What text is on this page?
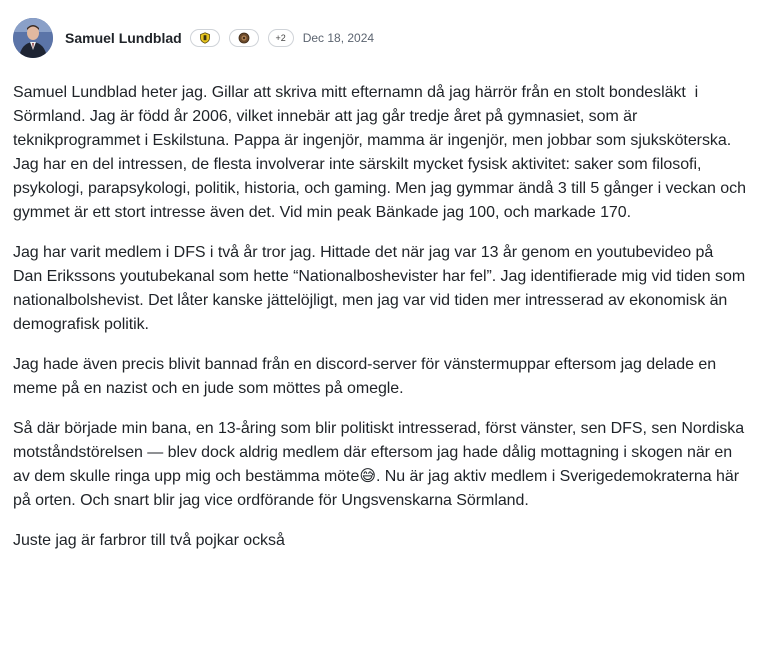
Samuel Lundblad	+2	Dec 18, 2024

Samuel Lundblad heter jag. Gillar att skriva mitt efternamn då jag härrör från en stolt bondesläkt  i Sörmland. Jag är född år 2006, vilket innebär att jag går tredje året på gymnasiet, som är teknikprogrammet i Eskilstuna. Pappa är ingenjör, mamma är ingenjör, men jobbar som sjuksköterska. Jag har en del intressen, de flesta involverar inte särskilt mycket fysisk aktivitet: saker som filosofi, psykologi, parapsykologi, politik, historia, och gaming. Men jag gymmar ändå 3 till 5 gånger i veckan och gymmet är ett stort intresse även det. Vid min peak Bänkade jag 100, och markade 170.

Jag har varit medlem i DFS i två år tror jag. Hittade det när jag var 13 år genom en youtubevideo på Dan Erikssons youtubekanal som hette “Nationalboshevister har fel”. Jag identifierade mig vid tiden som nationalbolshevist. Det låter kanske jättelöjligt, men jag var vid tiden mer intresserad av ekonomisk än demografisk politik.

Jag hade även precis blivit bannad från en discord-server för vänstermuppar eftersom jag delade en meme på en nazist och en jude som möttes på omegle.

Så där började min bana, en 13-åring som blir politiskt intresserad, först vänster, sen DFS, sen Nordiska motståndstörelsen — blev dock aldrig medlem där eftersom jag hade dålig mottagning i skogen när en av dem skulle ringa upp mig och bestämma möte😅. Nu är jag aktiv medlem i Sverigedemokraterna här på orten. Och snart blir jag vice ordförande för Ungsvenskarna Sörmland.

Juste jag är farbror till två pojkar också
